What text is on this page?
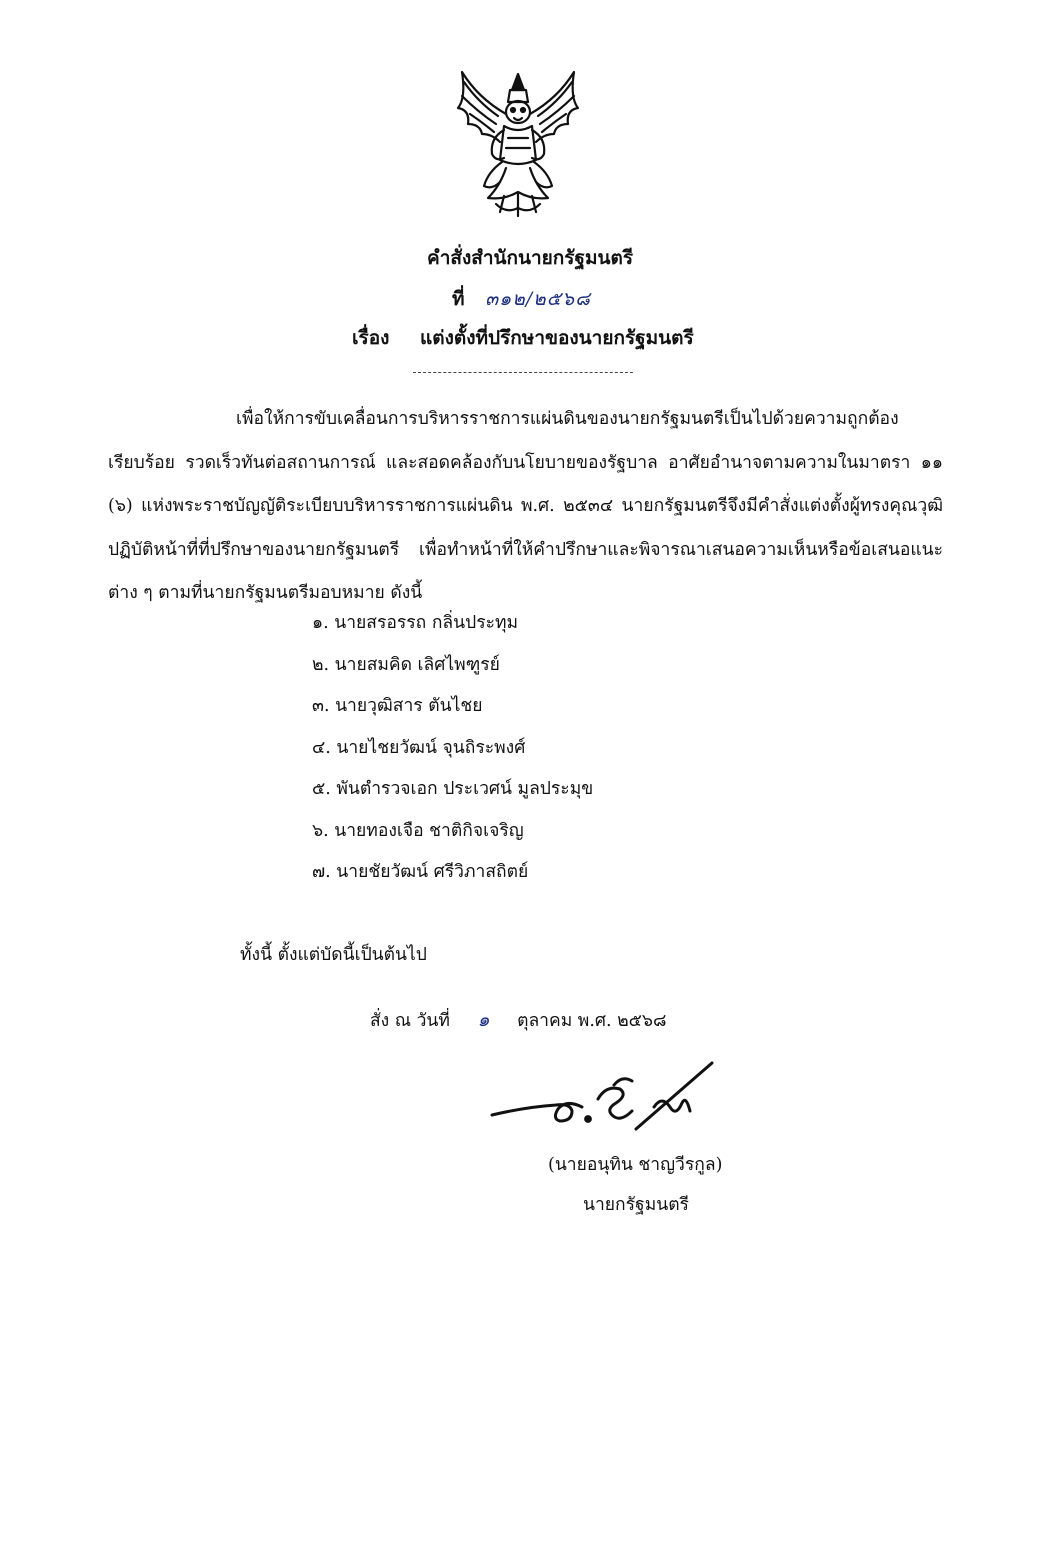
คำสั่งสำนักนายกรัฐมนตรี
ที่ ๓๑๒/๒๕๖๘
เรื่อง แต่งตั้งที่ปรึกษาของนายกรัฐมนตรี

เพื่อให้การขับเคลื่อนการบริหารราชการแผ่นดินของนายกรัฐมนตรีเป็นไปด้วยความถูกต้องเรียบร้อย รวดเร็วทันต่อสถานการณ์ และสอดคล้องกับนโยบายของรัฐบาล อาศัยอำนาจตามความในมาตรา ๑๑ (๖) แห่งพระราชบัญญัติระเบียบบริหารราชการแผ่นดิน พ.ศ. ๒๕๓๔ นายกรัฐมนตรีจึงมีคำสั่งแต่งตั้งผู้ทรงคุณวุฒิ ปฏิบัติหน้าที่ที่ปรึกษาของนายกรัฐมนตรี เพื่อทำหน้าที่ให้คำปรึกษาและพิจารณาเสนอความเห็นหรือข้อเสนอแนะต่าง ๆ ตามที่นายกรัฐมนตรีมอบหมาย ดังนี้

๑. นายสรอรรถ กลิ่นประทุม
๒. นายสมคิด เลิศไพฑูรย์
๓. นายวุฒิสาร ตันไชย
๔. นายไชยวัฒน์ จุนถิระพงศ์
๕. พันตำรวจเอก ประเวศน์ มูลประมุข
๖. นายทองเจือ ชาติกิจเจริญ
๗. นายชัยวัฒน์ ศรีวิภาสถิตย์
ทั้งนี้ ตั้งแต่บัดนี้เป็นต้นไป
สั่ง ณ วันที่ ๑ ตุลาคม พ.ศ. ๒๕๖๘
(นายอนุทิน ชาญวีรกูล)
นายกรัฐมนตรี
